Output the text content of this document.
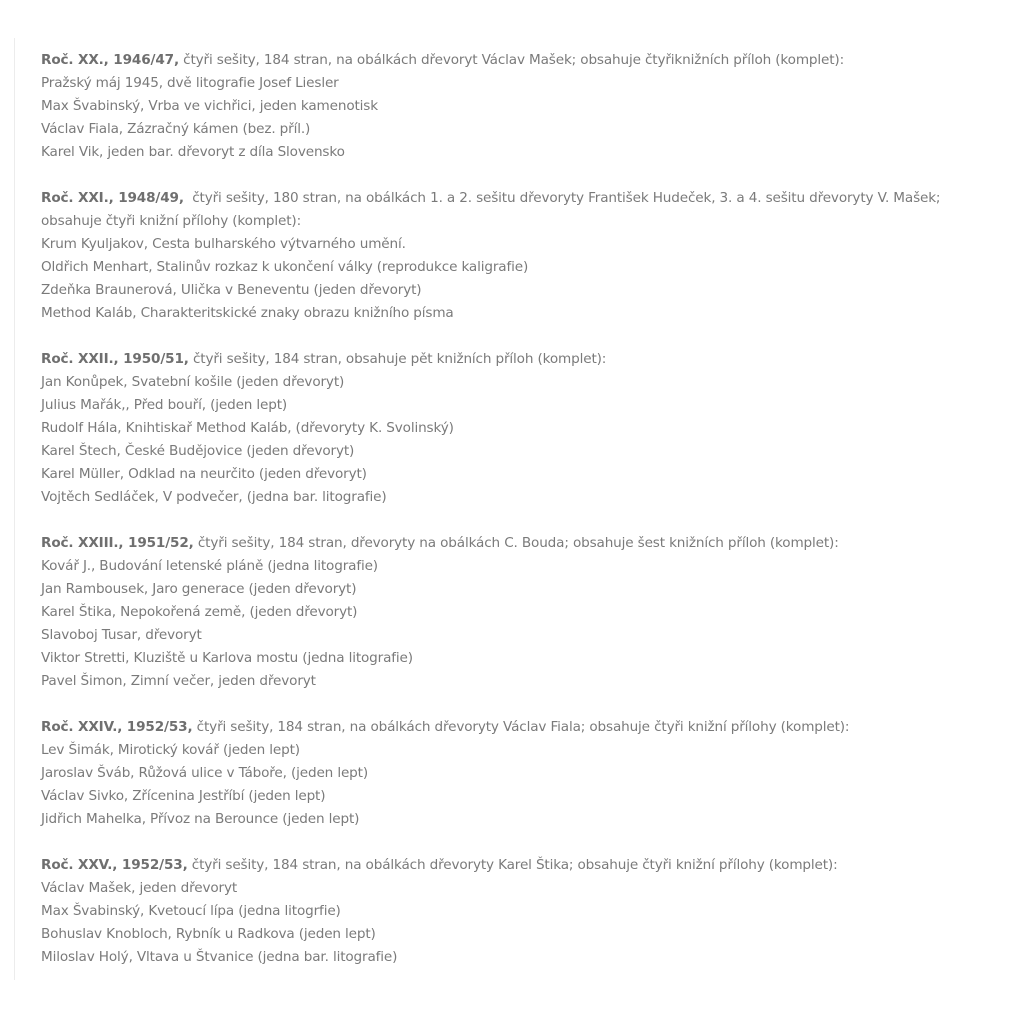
Roč. XX., 1946/47, čtyři sešity, 184 stran, na obálkách dřevoryt Václav Mašek; obsahuje čtyřiknižních příloh (komplet):
Pražský máj 1945, dvě litografie Josef Liesler
Max Švabinský, Vrba ve vichřici, jeden kamenotisk
Václav Fiala, Zázračný kámen (bez. příl.)
Karel Vik, jeden bar. dřevoryt z díla Slovensko
Roč. XXI., 1948/49,  čtyři sešity, 180 stran, na obálkách 1. a 2. sešitu dřevoryty František Hudeček, 3. a 4. sešitu dřevoryty V. Mašek;
obsahuje čtyři knižní přílohy (komplet):
Krum Kyuljakov, Cesta bulharského výtvarného umění.
Oldřich Menhart, Stalinův rozkaz k ukončení války (reprodukce kaligrafie)
Zdeňka Braunerová, Ulička v Beneventu (jeden dřevoryt)
Method Kaláb, Charakteritskické znaky obrazu knižního písma
Roč. XXII., 1950/51, čtyři sešity, 184 stran, obsahuje pět knižních příloh (komplet):
Jan Konůpek, Svatební košile (jeden dřevoryt)
Julius Mařák,, Před bouří, (jeden lept)
Rudolf Hála, Knihtiskař Method Kaláb, (dřevoryty K. Svolinský)
Karel Štech, České Budějovice (jeden dřevoryt)
Karel Müller, Odklad na neurčito (jeden dřevoryt)
Vojtěch Sedláček, V podvečer, (jedna bar. litografie)
Roč. XXIII., 1951/52, čtyři sešity, 184 stran, dřevoryty na obálkách C. Bouda; obsahuje šest knižních příloh (komplet):
Kovář J., Budování letenské pláně (jedna litografie)
Jan Rambousek, Jaro generace (jeden dřevoryt)
Karel Štika, Nepokořená země, (jeden dřevoryt)
Slavoboj Tusar, dřevoryt
Viktor Stretti, Kluziště u Karlova mostu (jedna litografie)
Pavel Šimon, Zimní večer, jeden dřevoryt
Roč. XXIV., 1952/53, čtyři sešity, 184 stran, na obálkách dřevoryty Václav Fiala; obsahuje čtyři knižní přílohy (komplet):
Lev Šimák, Mirotický kovář (jeden lept)
Jaroslav Šváb, Růžová ulice v Táboře, (jeden lept)
Václav Sivko, Zřícenina Jestříbí (jeden lept)
Jidřich Mahelka, Přívoz na Berounce (jeden lept)
Roč. XXV., 1952/53, čtyři sešity, 184 stran, na obálkách dřevoryty Karel Štika; obsahuje čtyři knižní přílohy (komplet):
Václav Mašek, jeden dřevoryt
Max Švabinský, Kvetoucí lípa (jedna litogrfie)
Bohuslav Knobloch, Rybník u Radkova (jeden lept)
Miloslav Holý, Vltava u Štvanice (jedna bar. litografie)
